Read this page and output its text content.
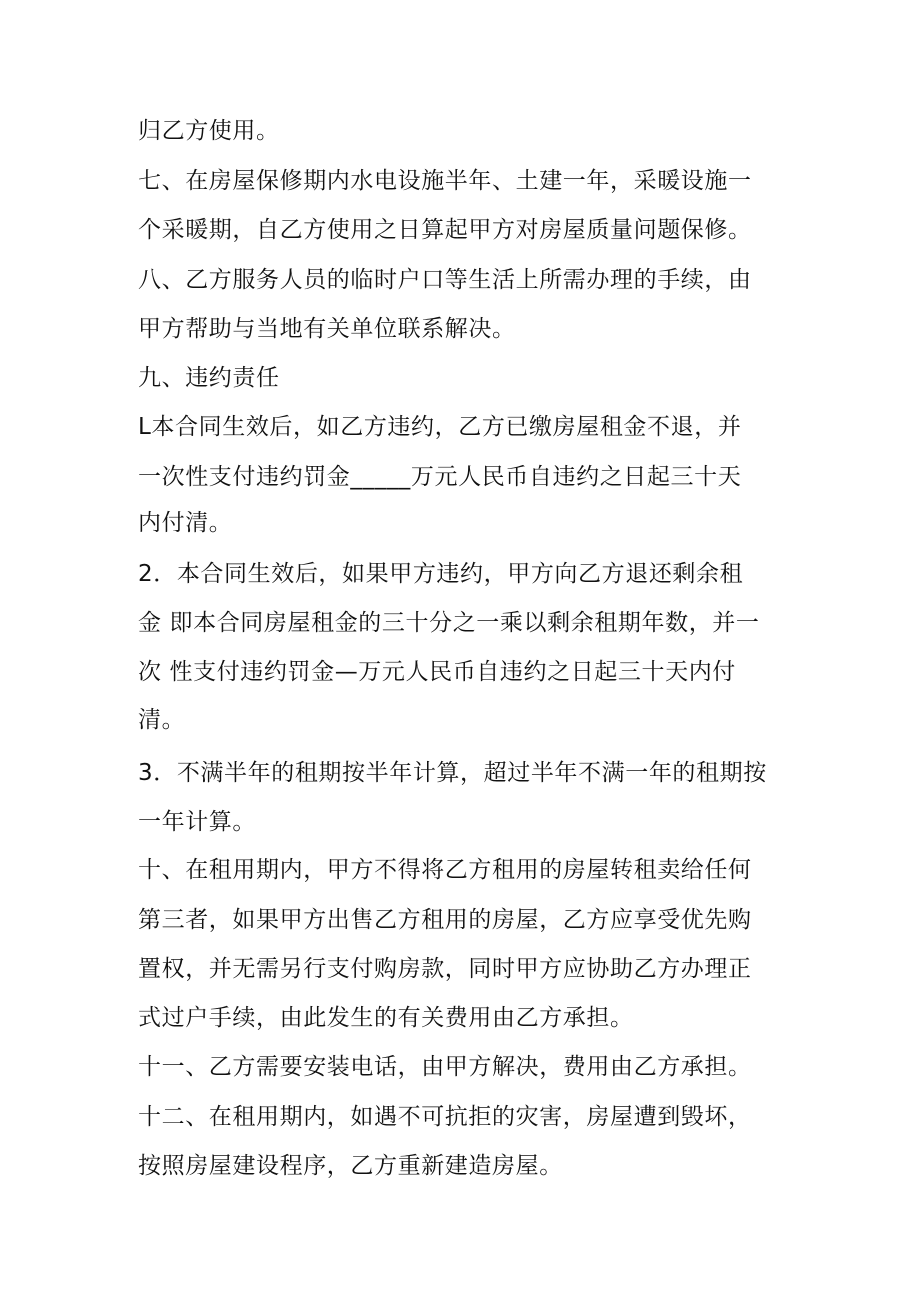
归乙方使用。
七、在房屋保修期内水电设施半年、土建一年，采暖设施一
个采暖期，自乙方使用之日算起甲方对房屋质量问题保修。
八、乙方服务人员的临时户口等生活上所需办理的手续，由
甲方帮助与当地有关单位联系解决。
九、违约责任
L本合同生效后，如乙方违约，乙方已缴房屋租金不退，并
一次性支付违约罚金_____万元人民币自违约之日起三十天
内付清。
2．本合同生效后，如果甲方违约，甲方向乙方退还剩余租
金 即本合同房屋租金的三十分之一乘以剩余租期年数，并一
次 性支付违约罚金—万元人民币自违约之日起三十天内付
清。
3．不满半年的租期按半年计算，超过半年不满一年的租期按
一年计算。
十、在租用期内，甲方不得将乙方租用的房屋转租卖给任何
第三者，如果甲方出售乙方租用的房屋，乙方应享受优先购
置权，并无需另行支付购房款，同时甲方应协助乙方办理正
式过户手续，由此发生的有关费用由乙方承担。
十一、乙方需要安装电话，由甲方解决，费用由乙方承担。
十二、在租用期内，如遇不可抗拒的灾害，房屋遭到毁坏，
按照房屋建设程序，乙方重新建造房屋。
